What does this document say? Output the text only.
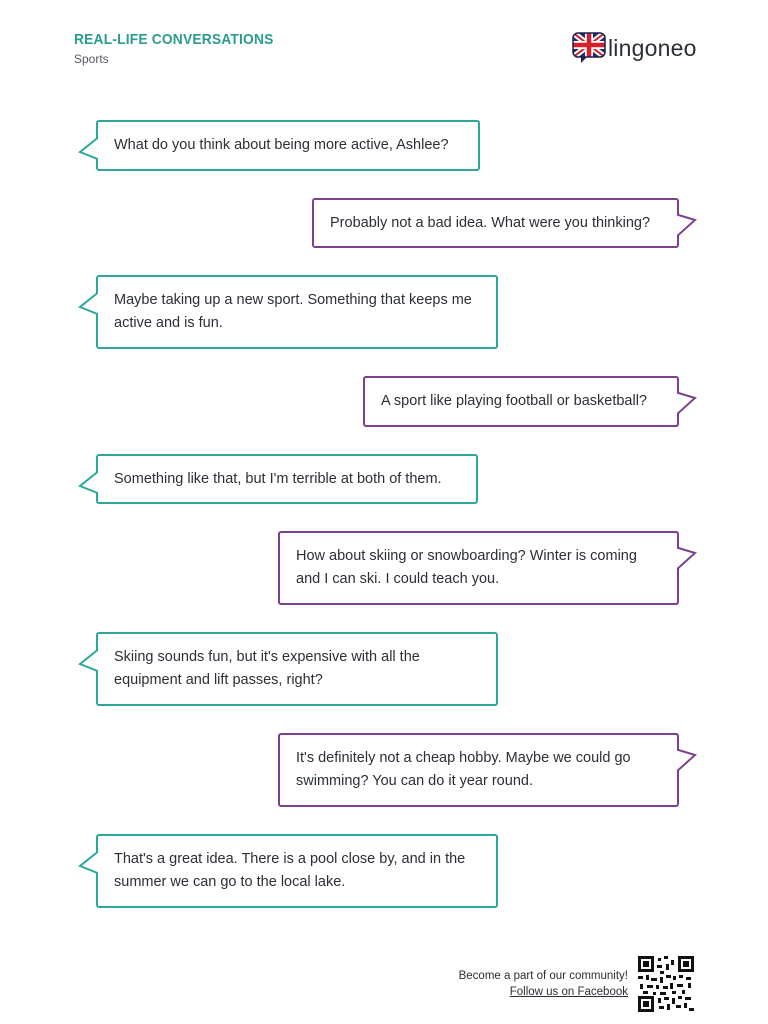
REAL-LIFE CONVERSATIONS
Sports	lingoneo
What do you think about being more active, Ashlee?
Probably not a bad idea. What were you thinking?
Maybe taking up a new sport. Something that keeps me active and is fun.
A sport like playing football or basketball?
Something like that, but I'm terrible at both of them.
How about skiing or snowboarding? Winter is coming and I can ski. I could teach you.
Skiing sounds fun, but it's expensive with all the equipment and lift passes, right?
It's definitely not a cheap hobby. Maybe we could go swimming? You can do it year round.
That's a great idea. There is a pool close by, and in the summer we can go to the local lake.
Become a part of our community!
Follow us on Facebook
